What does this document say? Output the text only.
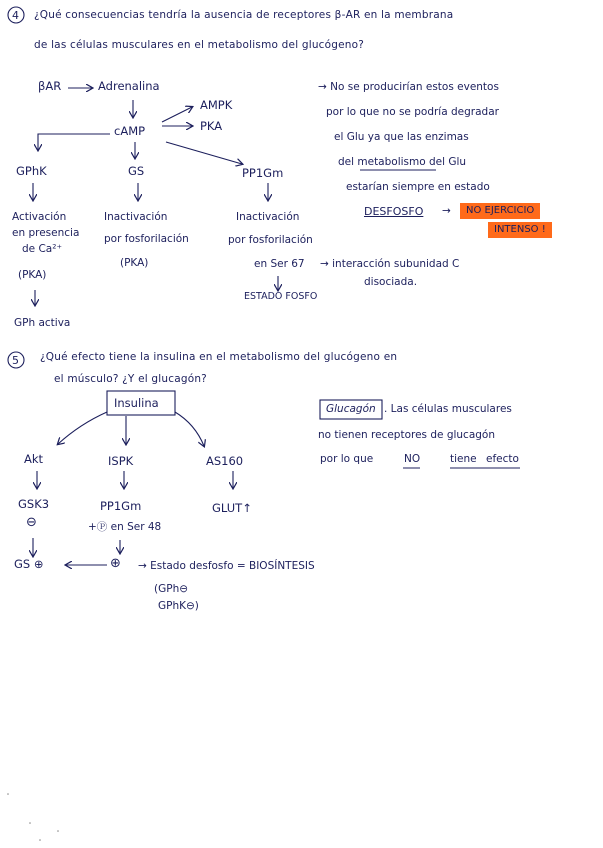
4 ¿Qué consecuencias tendría la ausencia de receptores β-AR en la membrana
de las células musculares en el metabolismo del glucógeno?
βAR	Adrenalina
AMPK
PKA
cAMP
GPhK	GS	PP1Gm
Activación
en presencia
de Ca²⁺
(PKA)
GPh activa
Inactivación
por fosforilación
(PKA)
Inactivación
por fosforilación
en Ser 67 → interacción subunidad C
disociada.
ESTADO FOSFO
→ No se producirían estos eventos
por lo que no se podría degradar
el Glu ya que las enzimas
del metabolismo del Glu
estarían siempre en estado
DESFOSFO →	NO EJERCICIO
INTENSO !
5 ¿Qué efecto tiene la insulina en el metabolismo del glucógeno en
el músculo? ¿Y el glucagón?
Insulina
Akt	ISPK	AS160
GSK3
⊖
PP1Gm
+Ⓟ en Ser 48
GLUT↑
GS ⊕	⊕ → Estado desfosfo = BIOSÍNTESIS
(GPh⊖
GPhK⊖)
Glucagón . Las células musculares
no tienen receptores de glucagón
por lo que	NO	tiene efecto
